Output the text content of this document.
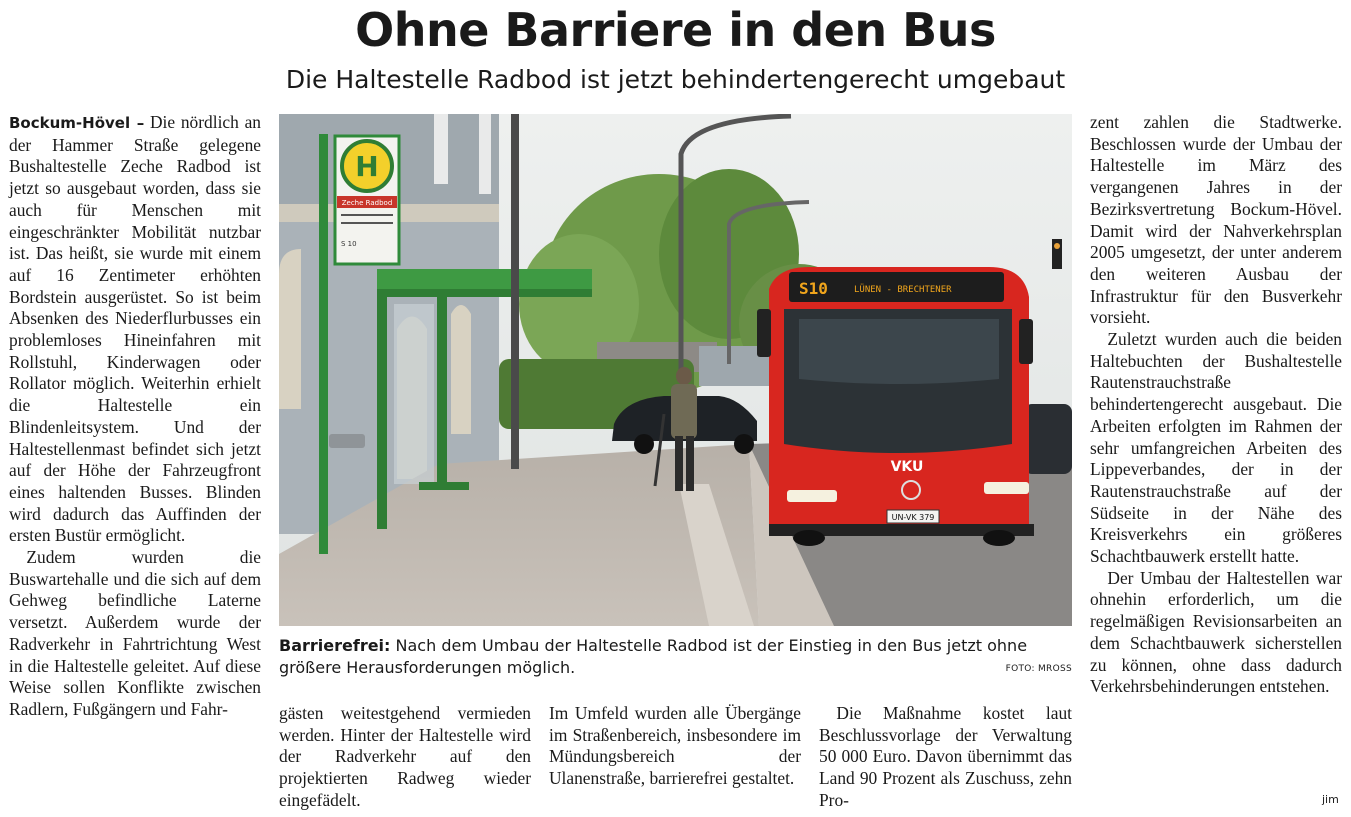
Ohne Barriere in den Bus
Die Haltestelle Radbod ist jetzt behindertengerecht umgebaut

Bockum-Hövel – Die nördlich an der Hammer Straße gelegene Bushaltestelle Zeche Radbod ist jetzt so ausgebaut worden, dass sie auch für Menschen mit eingeschränkter Mobilität nutzbar ist. Das heißt, sie wurde mit einem auf 16 Zentimeter erhöhten Bordstein ausgerüstet. So ist beim Absenken des Niederflurbusses ein problemloses Hineinfahren mit Rollstuhl, Kinderwagen oder Rollator möglich. Weiterhin erhielt die Haltestelle ein Blindenleitsystem. Und der Haltestellenmast befindet sich jetzt auf der Höhe der Fahrzeugfront eines haltenden Busses. Blinden wird dadurch das Auffinden der ersten Bustür ermöglicht.

Zudem wurden die Buswartehalle und die sich auf dem Gehweg befindliche Laterne versetzt. Außerdem wurde der Radverkehr in Fahrtrichtung West in die Haltestelle geleitet. Auf diese Weise sollen Konflikte zwischen Radlern, Fußgängern und Fahr-

H
Zeche Radbod
S 10
S10	LÜNEN - BRECHTENER
VKU
UN-VK 379
Barrierefrei: Nach dem Umbau der Haltestelle Radbod ist der Einstieg in den Bus jetzt ohne größere Herausforderungen möglich.	FOTO: MROSS

gästen weitestgehend vermieden werden. Hinter der Haltestelle wird der Radverkehr auf den projektierten Radweg wieder eingefädelt.

Im Umfeld wurden alle Übergänge im Straßenbereich, insbesondere im Mündungsbereich der Ulanenstraße, barrierefrei gestaltet.

Die Maßnahme kostet laut Beschlussvorlage der Verwaltung 50 000 Euro. Davon übernimmt das Land 90 Prozent als Zuschuss, zehn Pro-

zent zahlen die Stadtwerke. Beschlossen wurde der Umbau der Haltestelle im März des vergangenen Jahres in der Bezirksvertretung Bockum-Hövel. Damit wird der Nahverkehrsplan 2005 umgesetzt, der unter anderem den weiteren Ausbau der Infrastruktur für den Busverkehr vorsieht.

Zuletzt wurden auch die beiden Haltebuchten der Bushaltestelle Rautenstrauchstraße behindertengerecht ausgebaut. Die Arbeiten erfolgten im Rahmen der sehr umfangreichen Arbeiten des Lippeverbandes, der in der Rautenstrauchstraße auf der Südseite in der Nähe des Kreisverkehrs ein größeres Schachtbauwerk erstellt hatte.

Der Umbau der Haltestellen war ohnehin erforderlich, um die regelmäßigen Revisionsarbeiten an dem Schachtbauwerk sicherstellen zu können, ohne dass dadurch Verkehrsbehinderungen entstehen.

jim
